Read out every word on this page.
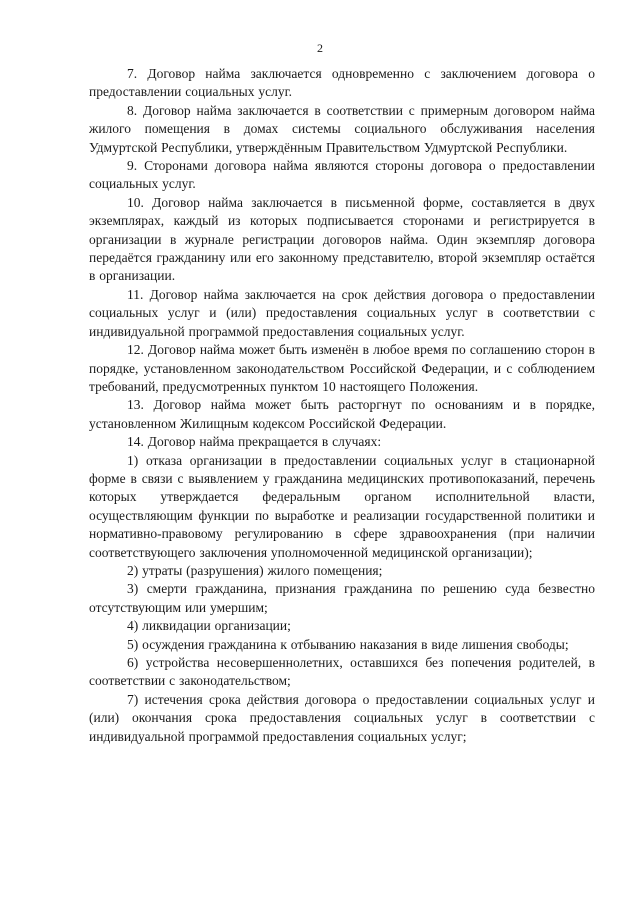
2

7. Договор найма заключается одновременно с заключением договора о предоставлении социальных услуг.

8. Договор найма заключается в соответствии с примерным договором найма жилого помещения в домах системы социального обслуживания населения Удмуртской Республики, утверждённым Правительством Удмуртской Республики.

9. Сторонами договора найма являются стороны договора о предоставлении социальных услуг.

10. Договор найма заключается в письменной форме, составляется в двух экземплярах, каждый из которых подписывается сторонами и регистрируется в организации в журнале регистрации договоров найма. Один экземпляр договора передаётся гражданину или его законному представителю, второй экземпляр остаётся в организации.

11. Договор найма заключается на срок действия договора о предоставлении социальных услуг и (или) предоставления социальных услуг в соответствии с индивидуальной программой предоставления социальных услуг.

12. Договор найма может быть изменён в любое время по соглашению сторон в порядке, установленном законодательством Российской Федерации, и с соблюдением требований, предусмотренных пунктом 10 настоящего Положения.

13. Договор найма может быть расторгнут по основаниям и в порядке, установленном Жилищным кодексом Российской Федерации.

14. Договор найма прекращается в случаях:

1) отказа организации в предоставлении социальных услуг в стационарной форме в связи с выявлением у гражданина медицинских противопоказаний, перечень которых утверждается федеральным органом исполнительной власти, осуществляющим функции по выработке и реализации государственной политики и нормативно-правовому регулированию в сфере здравоохранения (при наличии соответствующего заключения уполномоченной медицинской организации);

2) утраты (разрушения) жилого помещения;

3) смерти гражданина, признания гражданина по решению суда безвестно отсутствующим или умершим;

4) ликвидации организации;

5) осуждения гражданина к отбыванию наказания в виде лишения свободы;

6) устройства несовершеннолетних, оставшихся без попечения родителей, в соответствии с законодательством;

7) истечения срока действия договора о предоставлении социальных услуг и (или) окончания срока предоставления социальных услуг в соответствии с индивидуальной программой предоставления социальных услуг;
